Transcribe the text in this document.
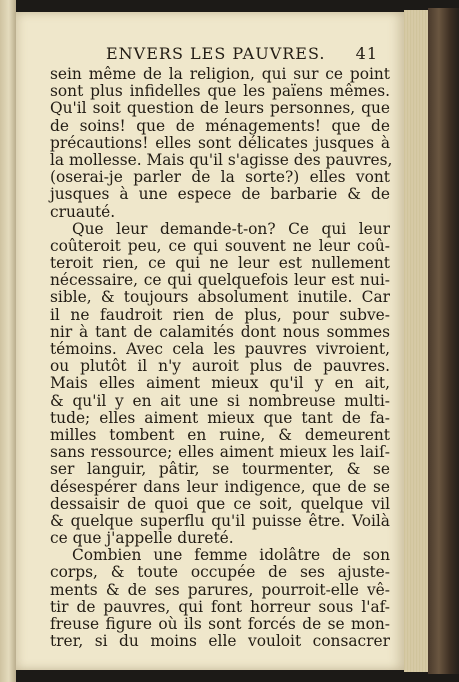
ENVERS LES PAUVRES. 41
sein même de la religion, qui sur ce point
sont plus infidelles que les païens mêmes.
Qu'il soit question de leurs personnes, que
de soins! que de ménagements! que de
précautions! elles sont délicates jusques à
la mollesse. Mais qu'il s'agisse des pauvres,
(oserai-je parler de la sorte?) elles vont
jusques à une espece de barbarie & de
cruauté.
Que leur demande-t-on? Ce qui leur
coûteroit peu, ce qui souvent ne leur coû-
teroit rien, ce qui ne leur est nullement
nécessaire, ce qui quelquefois leur est nui-
sible, & toujours absolument inutile. Car
il ne faudroit rien de plus, pour subve-
nir à tant de calamités dont nous sommes
témoins. Avec cela les pauvres vivroient,
ou plutôt il n'y auroit plus de pauvres.
Mais elles aiment mieux qu'il y en ait,
& qu'il y en ait une si nombreuse multi-
tude; elles aiment mieux que tant de fa-
milles tombent en ruine, & demeurent
sans ressource; elles aiment mieux les laiſ-
ser languir, pâtir, se tourmenter, & se
désespérer dans leur indigence, que de se
dessaisir de quoi que ce soit, quelque vil
& quelque superflu qu'il puisse être. Voilà
ce que j'appelle dureté.
Combien une femme idolâtre de son
corps, & toute occupée de ses ajuste-
ments & de ses parures, pourroit-elle vê-
tir de pauvres, qui font horreur sous l'af-
freuse figure où ils sont forcés de se mon-
trer, si du moins elle vouloit consacrer
